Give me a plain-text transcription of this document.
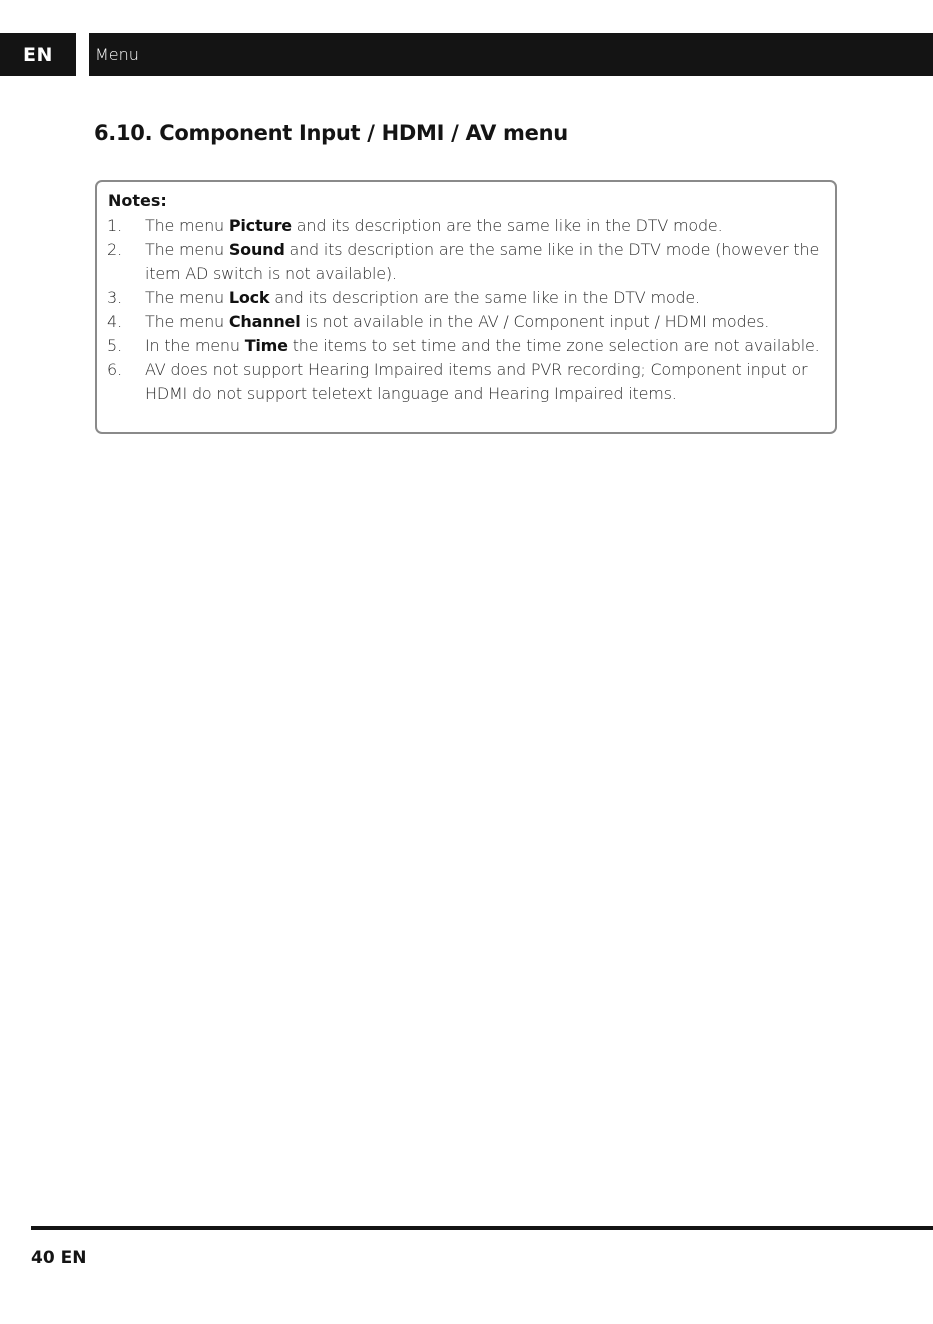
EN	Menu
6.10. Component Input / HDMI / AV menu
Notes:
1.	The menu Picture and its description are the same like in the DTV mode.
2.	The menu Sound and its description are the same like in the DTV mode (however the item AD switch is not available).
3.	The menu Lock and its description are the same like in the DTV mode.
4.	The menu Channel is not available in the AV / Component input / HDMI modes.
5.	In the menu Time the items to set time and the time zone selection are not available.
6.	AV does not support Hearing Impaired items and PVR recording; Component input or HDMI do not support teletext language and Hearing Impaired items.
40 EN
